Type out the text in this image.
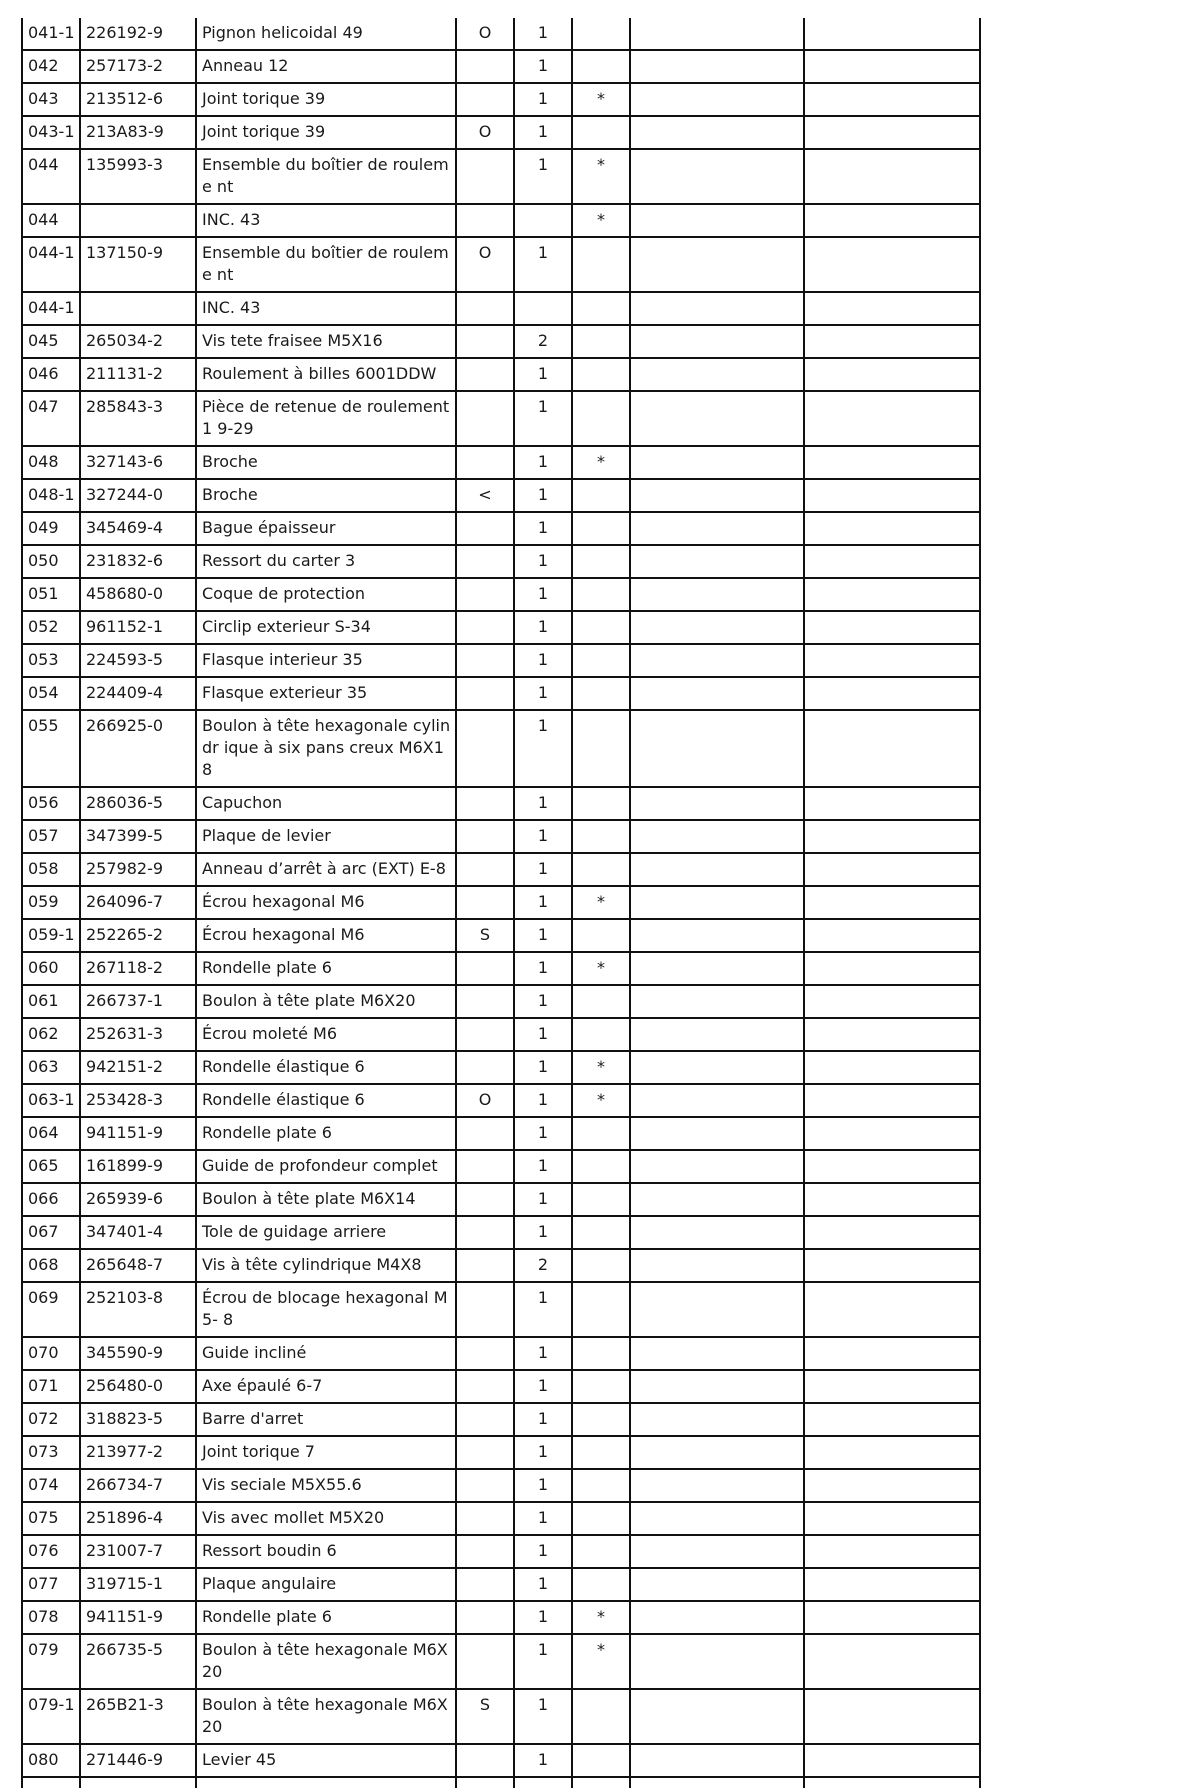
041-1	226192-9	Pignon helicoidal 49	O	1			
042	257173-2	Anneau 12		1			
043	213512-6	Joint torique 39		1	*		
043-1	213A83-9	Joint torique 39	O	1			
044	135993-3	Ensemble du boîtier de rouleme nt		1	*		
044		INC. 43			*		
044-1	137150-9	Ensemble du boîtier de rouleme nt	O	1			
044-1		INC. 43					
045	265034-2	Vis tete fraisee M5X16		2			
046	211131-2	Roulement à billes 6001DDW		1			
047	285843-3	Pièce de retenue de roulement 1 9-29		1			
048	327143-6	Broche		1	*		
048-1	327244-0	Broche	<	1			
049	345469-4	Bague épaisseur		1			
050	231832-6	Ressort du carter 3		1			
051	458680-0	Coque de protection		1			
052	961152-1	Circlip exterieur S-34		1			
053	224593-5	Flasque interieur 35		1			
054	224409-4	Flasque exterieur 35		1			
055	266925-0	Boulon à tête hexagonale cylindr ique à six pans creux M6X18		1			
056	286036-5	Capuchon		1			
057	347399-5	Plaque de levier		1			
058	257982-9	Anneau d’arrêt à arc (EXT) E-8		1			
059	264096-7	Écrou hexagonal M6		1	*		
059-1	252265-2	Écrou hexagonal M6	S	1			
060	267118-2	Rondelle plate 6		1	*		
061	266737-1	Boulon à tête plate M6X20		1			
062	252631-3	Écrou moleté M6		1			
063	942151-2	Rondelle élastique 6		1	*		
063-1	253428-3	Rondelle élastique 6	O	1	*		
064	941151-9	Rondelle plate 6		1			
065	161899-9	Guide de profondeur complet		1			
066	265939-6	Boulon à tête plate M6X14		1			
067	347401-4	Tole de guidage arriere		1			
068	265648-7	Vis à tête cylindrique M4X8		2			
069	252103-8	Écrou de blocage hexagonal M5- 8		1			
070	345590-9	Guide incliné		1			
071	256480-0	Axe épaulé 6-7		1			
072	318823-5	Barre d'arret		1			
073	213977-2	Joint torique 7		1			
074	266734-7	Vis seciale M5X55.6		1			
075	251896-4	Vis avec mollet M5X20		1			
076	231007-7	Ressort boudin 6		1			
077	319715-1	Plaque angulaire		1			
078	941151-9	Rondelle plate 6		1	*		
079	266735-5	Boulon à tête hexagonale M6X20		1	*		
079-1	265B21-3	Boulon à tête hexagonale M6X20	S	1			
080	271446-9	Levier 45		1			
